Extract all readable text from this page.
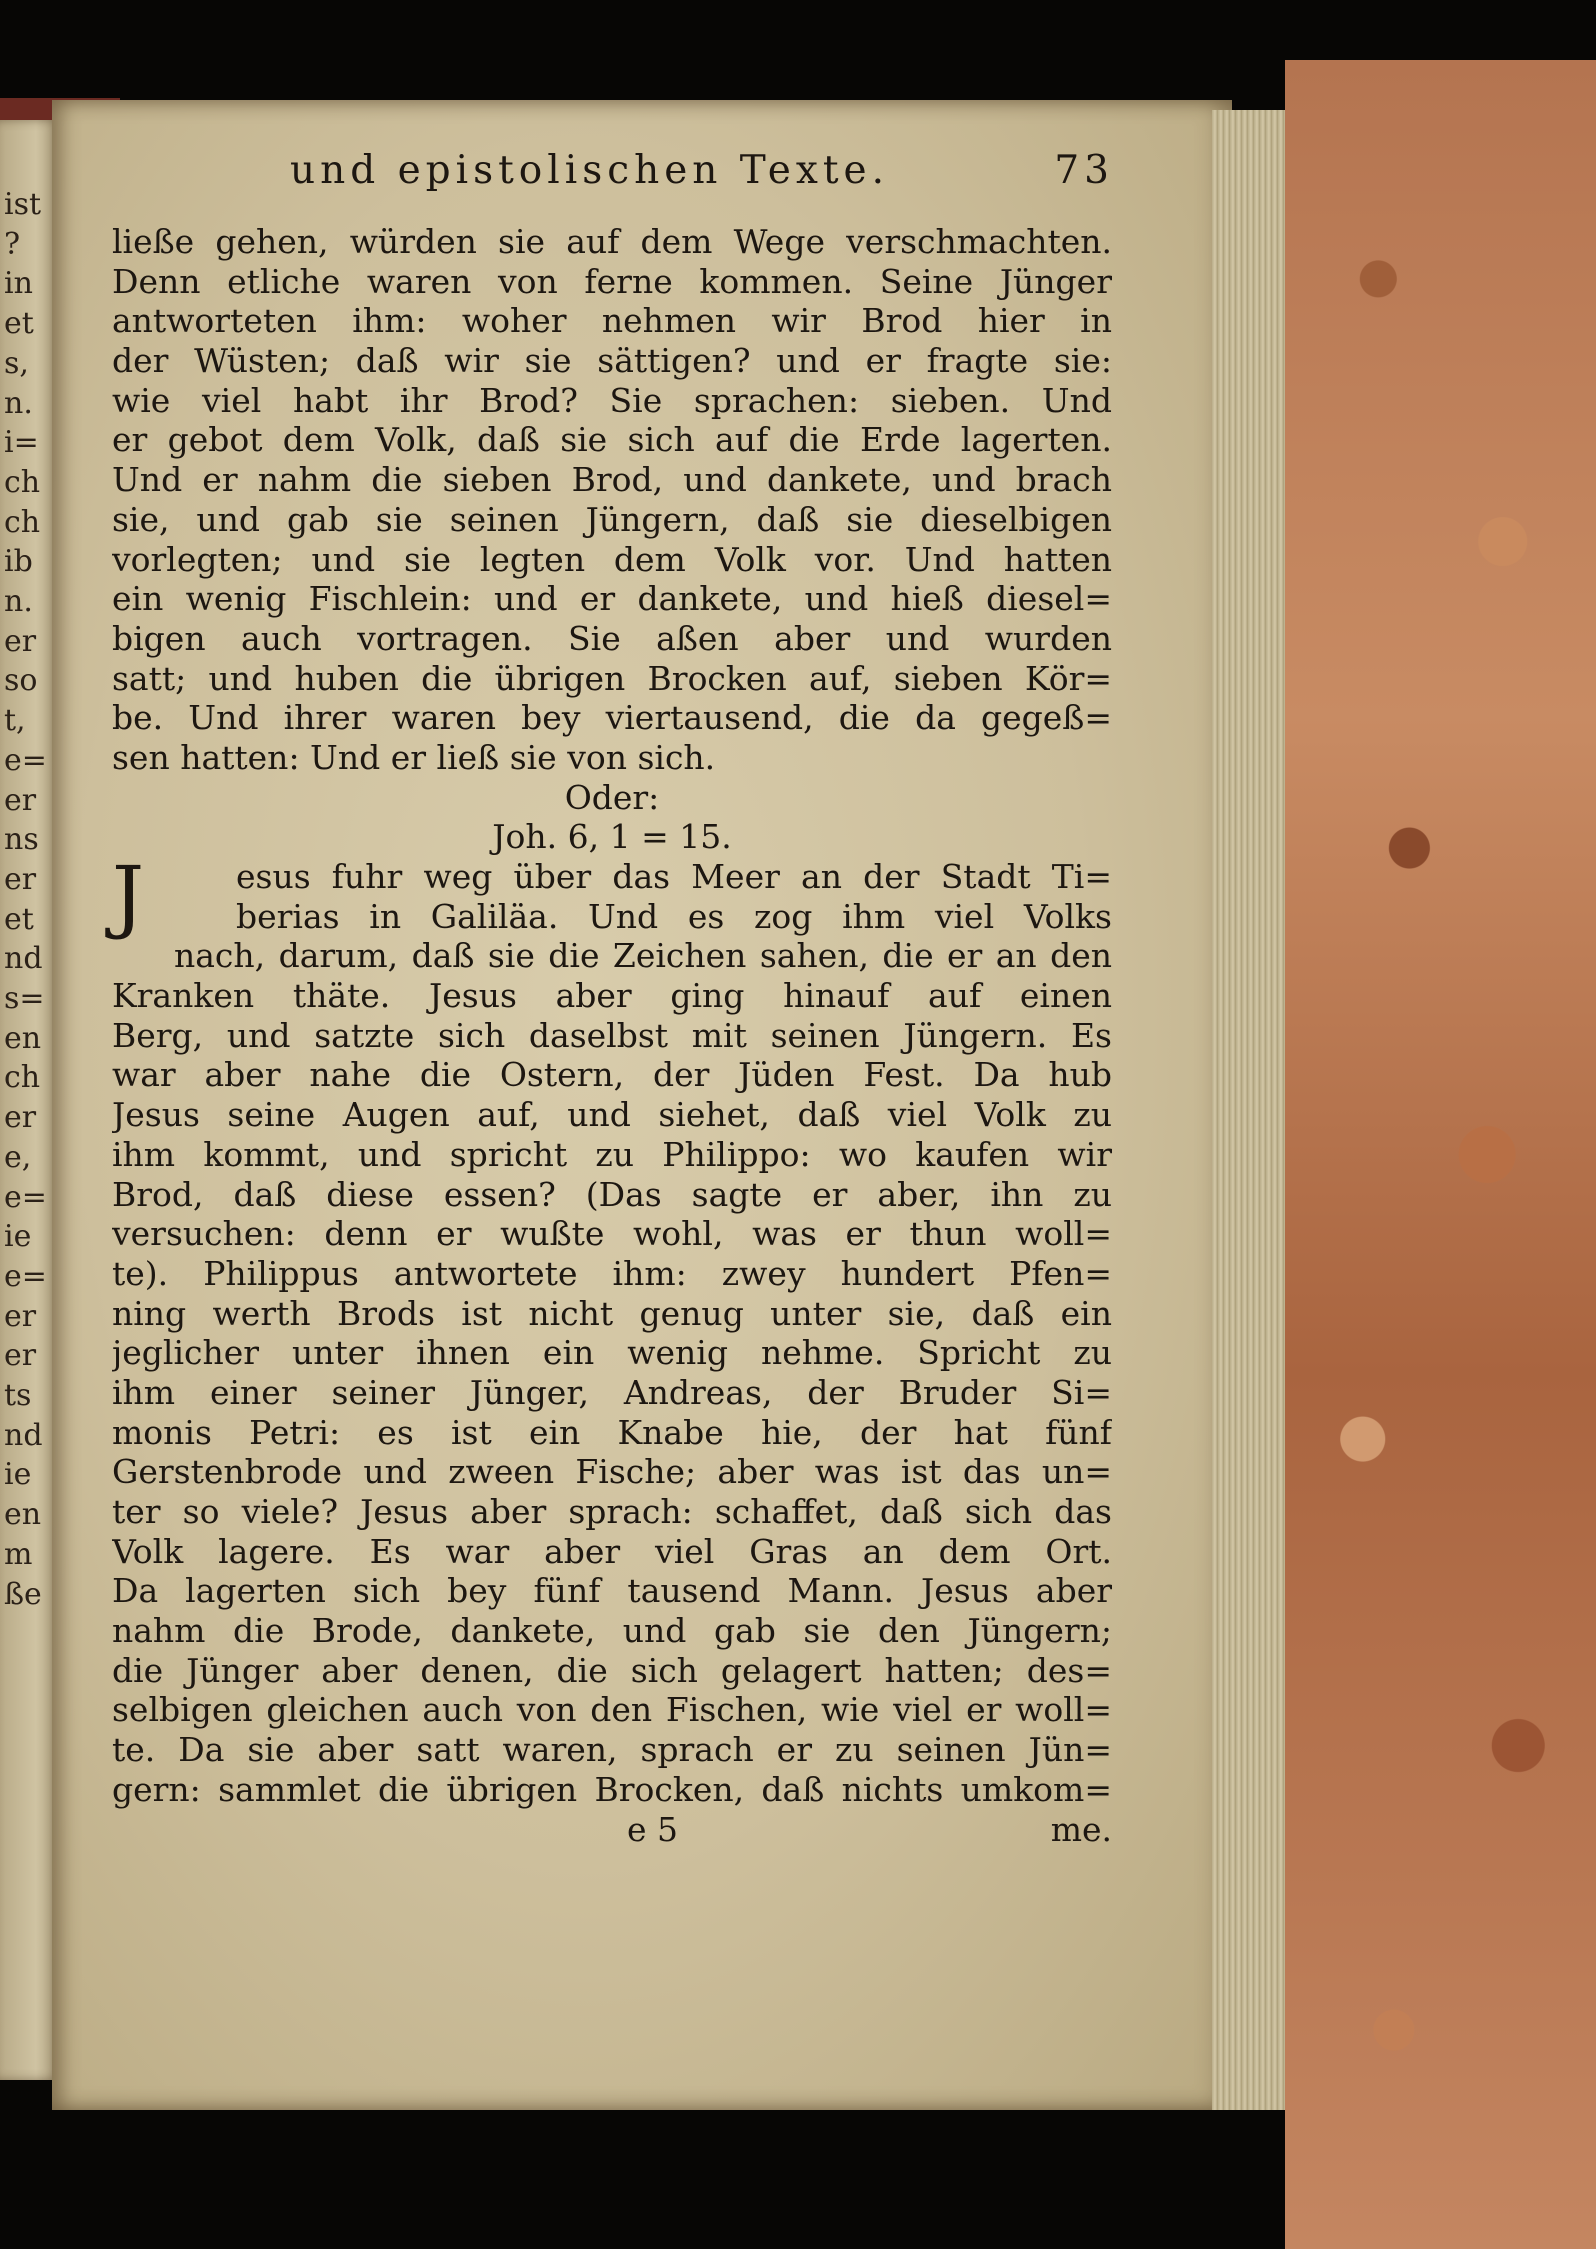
ist
?
in
et
s,
n.
i=
ch
ch
ib
n.
er
so
t,
e=
er
ns
er
et
nd
s=
en
ch
er
e,
e=
ie
e=
er
er
ts
nd
ie
en
m
ße
und epistolischen Texte.	73
ließe gehen, würden sie auf dem Wege verschmachten.
Denn etliche waren von ferne kommen. Seine Jünger
antworteten ihm: woher nehmen wir Brod hier in
der Wüsten; daß wir sie sättigen? und er fragte sie:
wie viel habt ihr Brod? Sie sprachen: sieben. Und
er gebot dem Volk, daß sie sich auf die Erde lagerten.
Und er nahm die sieben Brod, und dankete, und brach
sie, und gab sie seinen Jüngern, daß sie dieselbigen
vorlegten; und sie legten dem Volk vor. Und hatten
ein wenig Fischlein: und er dankete, und hieß diesel=
bigen auch vortragen. Sie aßen aber und wurden
satt; und huben die übrigen Brocken auf, sieben Kör=
be. Und ihrer waren bey viertausend, die da gegeß=
sen hatten: Und er ließ sie von sich.
Oder:
Joh. 6, 1 = 15.
J	esus fuhr weg über das Meer an der Stadt Ti=
berias in Galiläa. Und es zog ihm viel Volks
nach, darum, daß sie die Zeichen sahen, die er an den
Kranken thäte. Jesus aber ging hinauf auf einen
Berg, und satzte sich daselbst mit seinen Jüngern. Es
war aber nahe die Ostern, der Jüden Fest. Da hub
Jesus seine Augen auf, und siehet, daß viel Volk zu
ihm kommt, und spricht zu Philippo: wo kaufen wir
Brod, daß diese essen? (Das sagte er aber, ihn zu
versuchen: denn er wußte wohl, was er thun woll=
te). Philippus antwortete ihm: zwey hundert Pfen=
ning werth Brods ist nicht genug unter sie, daß ein
jeglicher unter ihnen ein wenig nehme. Spricht zu
ihm einer seiner Jünger, Andreas, der Bruder Si=
monis Petri: es ist ein Knabe hie, der hat fünf
Gerstenbrode und zween Fische; aber was ist das un=
ter so viele? Jesus aber sprach: schaffet, daß sich das
Volk lagere. Es war aber viel Gras an dem Ort.
Da lagerten sich bey fünf tausend Mann. Jesus aber
nahm die Brode, dankete, und gab sie den Jüngern;
die Jünger aber denen, die sich gelagert hatten; des=
selbigen gleichen auch von den Fischen, wie viel er woll=
te. Da sie aber satt waren, sprach er zu seinen Jün=
gern: sammlet die übrigen Brocken, daß nichts umkom=
e 5	me.
